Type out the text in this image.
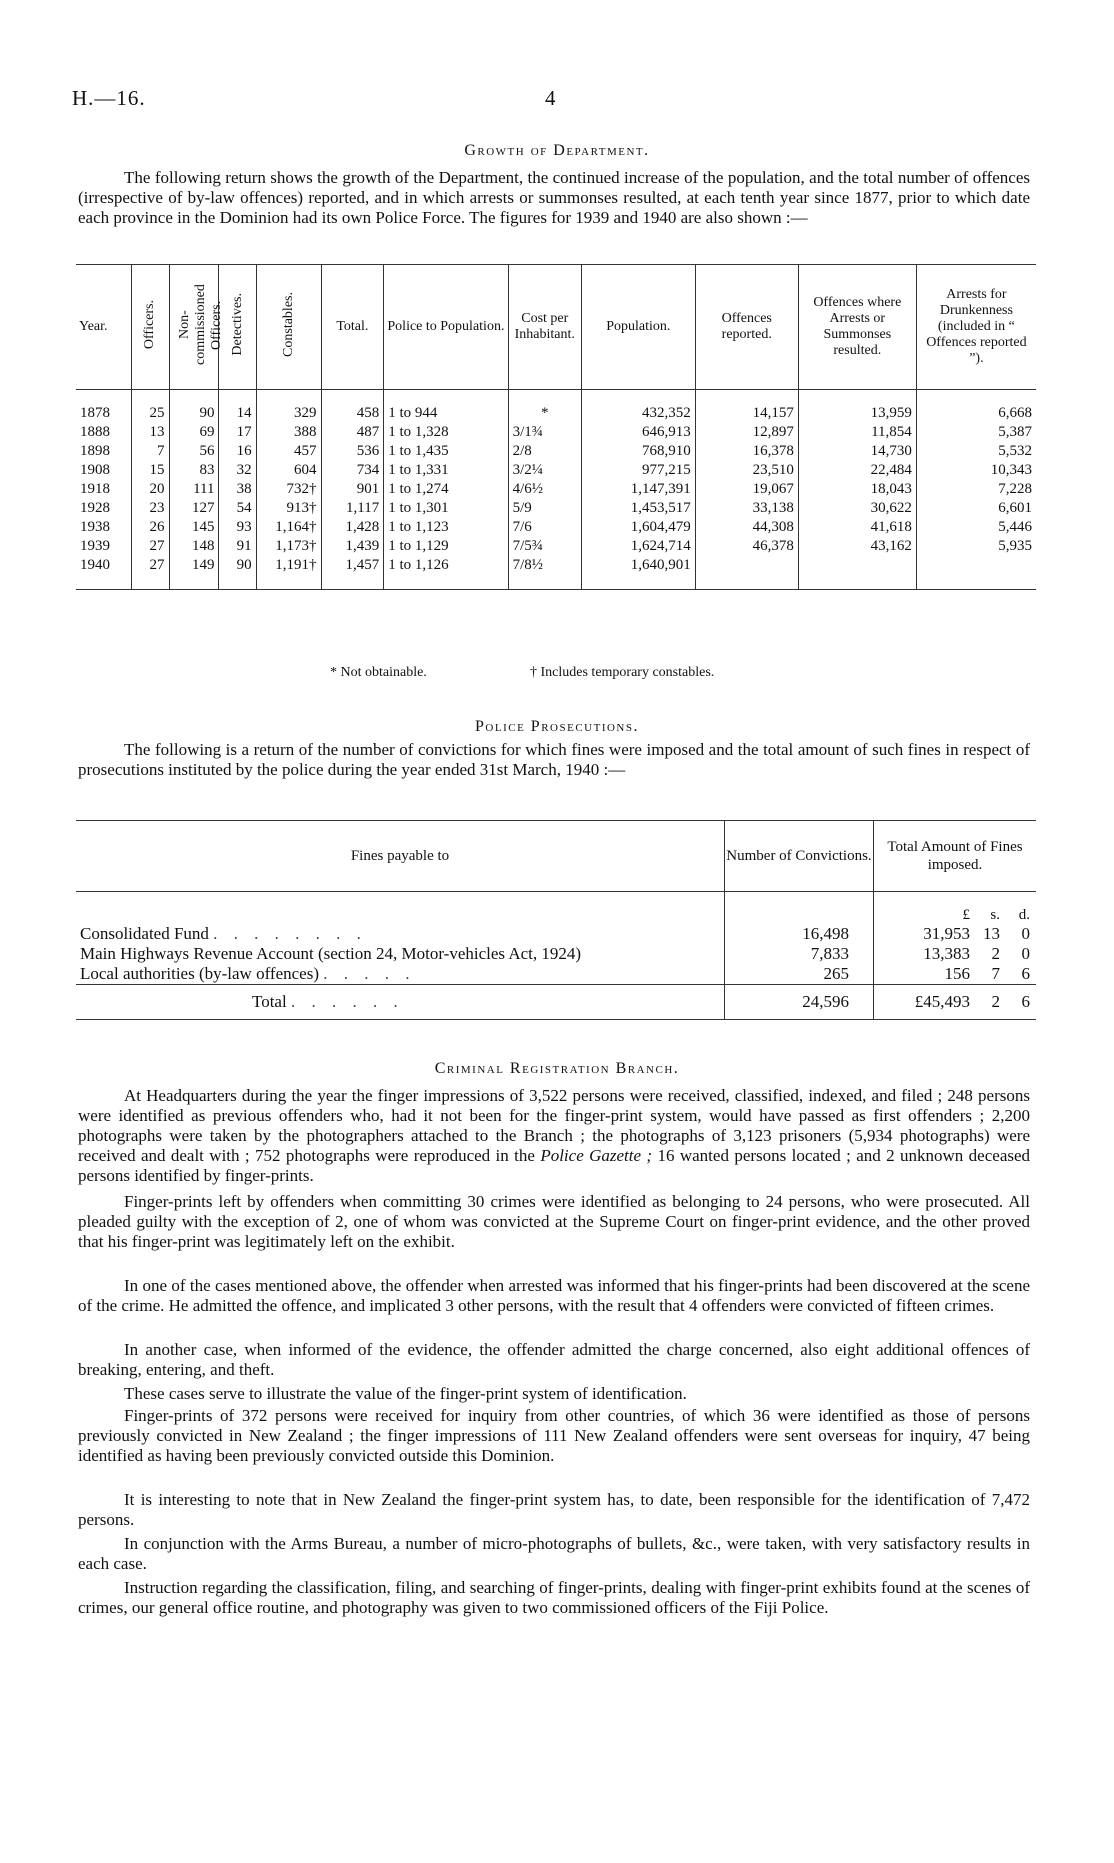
H.—16.	4
Growth of Department.
The following return shows the growth of the Department, the continued increase of the population, and the total number of offences (irrespective of by-law offences) reported, and in which arrests or summonses resulted, at each tenth year since 1877, prior to which date each province in the Dominion had its own Police Force. The figures for 1939 and 1940 are also shown :—
Year.	Officers.	Non-commissioned Officers.	Detectives.	Constables.	Total.	Police to Population.	Cost per Inhabitant.	Population.	Offences reported.	Offences where Arrests or Summonses resulted.	Arrests for Drunkenness (included in “ Offences reported ”).
1878	25	90	14	329	458	1 to 944	*	432,352	14,157	13,959	6,668
1888	13	69	17	388	487	1 to 1,328	3/1¾	646,913	12,897	11,854	5,387
1898	7	56	16	457	536	1 to 1,435	2/8	768,910	16,378	14,730	5,532
1908	15	83	32	604	734	1 to 1,331	3/2¼	977,215	23,510	22,484	10,343
1918	20	111	38	732†	901	1 to 1,274	4/6½	1,147,391	19,067	18,043	7,228
1928	23	127	54	913†	1,117	1 to 1,301	5/9	1,453,517	33,138	30,622	6,601
1938	26	145	93	1,164†	1,428	1 to 1,123	7/6	1,604,479	44,308	41,618	5,446
1939	27	148	91	1,173†	1,439	1 to 1,129	7/5¾	1,624,714	46,378	43,162	5,935
1940	27	149	90	1,191†	1,457	1 to 1,126	7/8½	1,640,901			
* Not obtainable.	† Includes temporary constables.
Police Prosecutions.
The following is a return of the number of convictions for which fines were imposed and the total amount of such fines in respect of prosecutions instituted by the police during the year ended 31st March, 1940 :—
Fines payable to	Number of Convictions.	Total Amount of Fines imposed.
		£ s. d.
Consolidated Fund . . . . . . . .	16,498	31,953 13 0
Main Highways Revenue Account (section 24, Motor-vehicles Act, 1924)	7,833	13,383 2 0
Local authorities (by-law offences) . . . . .	265	156 7 6
Total . . . . . .	24,596	£45,493 2 6
Criminal Registration Branch.
At Headquarters during the year the finger impressions of 3,522 persons were received, classified, indexed, and filed ; 248 persons were identified as previous offenders who, had it not been for the finger-print system, would have passed as first offenders ; 2,200 photographs were taken by the photographers attached to the Branch ; the photographs of 3,123 prisoners (5,934 photographs) were received and dealt with ; 752 photographs were reproduced in the Police Gazette ; 16 wanted persons located ; and 2 unknown deceased persons identified by finger-prints.
Finger-prints left by offenders when committing 30 crimes were identified as belonging to 24 persons, who were prosecuted. All pleaded guilty with the exception of 2, one of whom was convicted at the Supreme Court on finger-print evidence, and the other proved that his finger-print was legitimately left on the exhibit.
In one of the cases mentioned above, the offender when arrested was informed that his finger-prints had been discovered at the scene of the crime. He admitted the offence, and implicated 3 other persons, with the result that 4 offenders were convicted of fifteen crimes.
In another case, when informed of the evidence, the offender admitted the charge concerned, also eight additional offences of breaking, entering, and theft.
These cases serve to illustrate the value of the finger-print system of identification.
Finger-prints of 372 persons were received for inquiry from other countries, of which 36 were identified as those of persons previously convicted in New Zealand ; the finger impressions of 111 New Zealand offenders were sent overseas for inquiry, 47 being identified as having been previously convicted outside this Dominion.
It is interesting to note that in New Zealand the finger-print system has, to date, been responsible for the identification of 7,472 persons.
In conjunction with the Arms Bureau, a number of micro-photographs of bullets, &c., were taken, with very satisfactory results in each case.
Instruction regarding the classification, filing, and searching of finger-prints, dealing with finger-print exhibits found at the scenes of crimes, our general office routine, and photography was given to two commissioned officers of the Fiji Police.
